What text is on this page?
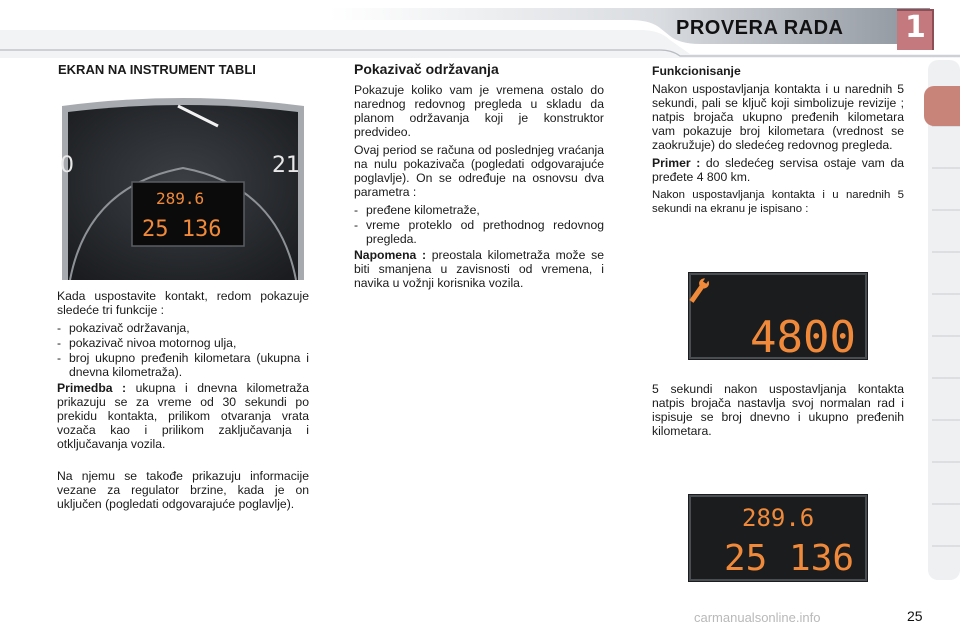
PROVERA RADA 1
EKRAN NA INSTRUMENT TABLI
0	21
289.6
25 136

Kada uspostavite kontakt, redom pokazuje sledeće tri funkcije :

- pokazivač održavanja,
- pokazivač nivoa motornog ulja,
- broj ukupno pređenih kilometara (ukupna i dnevna kilometraža).

Primedba : ukupna i dnevna kilometraža prikazuju se za vreme od 30 sekundi po prekidu kontakta, prilikom otvaranja vrata vozača kao i prilikom zaključavanja i otključavanja vozila.

Na njemu se takođe prikazuju informacije vezane za regulator brzine, kada je on uključen (pogledati odgovarajuće poglavlje).

Pokazivač održavanja

Pokazuje koliko vam je vremena ostalo do narednog redovnog pregleda u skladu da planom održavanja koji je konstruktor predvideo.

Ovaj period se računa od poslednjeg vraćanja na nulu pokazivača (pogledati odgovarajuće poglavlje). On se određuje na osnovsu dva parametra :

- pređene kilometraže,
- vreme proteklo od prethodnog redovnog pregleda.

Napomena : preostala kilometraža može se biti smanjena u zavisnosti od vremena, i navika u vožnji korisnika vozila.

Funkcionisanje

Nakon uspostavljanja kontakta i u narednih 5 sekundi, pali se ključ koji simbolizuje revizije ; natpis brojača ukupno pređenih kilometara vam pokazuje broj kilometara (vrednost se zaokružuje) do sledećeg redovnog pregleda.

Primer : do sledećeg servisa ostaje vam da pređete 4 800 km.

Nakon uspostavljanja kontakta i u narednih 5 sekundi na ekranu je ispisano :

4800

5 sekundi nakon uspostavljanja kontakta natpis brojača nastavlja svoj normalan rad i ispisuje se broj dnevno i ukupno pređenih kilometara.

289.6
25 136
carmanualsonline.info	25
